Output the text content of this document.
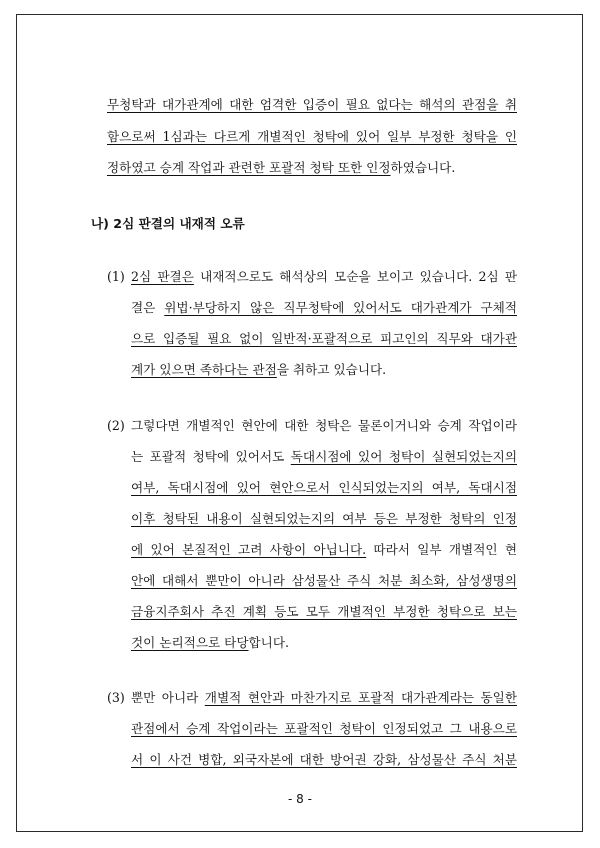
무청탁과 대가관계에 대한 엄격한 입증이 필요 없다는 해석의 관점을 취
함으로써 1심과는 다르게 개별적인 청탁에 있어 일부 부정한 청탁을 인
정하였고 승계 작업과 관련한 포괄적 청탁 또한 인정하였습니다.
나) 2심 판결의 내재적 오류
(1) 2심 판결은 내재적으로도 해석상의 모순을 보이고 있습니다. 2심 판
결은 위법·부당하지 않은 직무청탁에 있어서도 대가관계가 구체적
으로 입증될 필요 없이 일반적·포괄적으로 피고인의 직무와 대가관
계가 있으면 족하다는 관점을 취하고 있습니다.
(2) 그렇다면 개별적인 현안에 대한 청탁은 물론이거니와 승계 작업이라
는 포괄적 청탁에 있어서도 독대시점에 있어 청탁이 실현되었는지의
여부, 독대시점에 있어 현안으로서 인식되었는지의 여부, 독대시점
이후 청탁된 내용이 실현되었는지의 여부 등은 부정한 청탁의 인정
에 있어 본질적인 고려 사항이 아닙니다. 따라서 일부 개별적인 현
안에 대해서 뿐만이 아니라 삼성물산 주식 처분 최소화, 삼성생명의
금융지주회사 추진 계획 등도 모두 개별적인 부정한 청탁으로 보는
것이 논리적으로 타당합니다.
(3) 뿐만 아니라 개별적 현안과 마찬가지로 포괄적 대가관계라는 동일한
관점에서 승계 작업이라는 포괄적인 청탁이 인정되었고 그 내용으로
서 이 사건 병합, 외국자본에 대한 방어권 강화, 삼성물산 주식 처분
- 8 -
